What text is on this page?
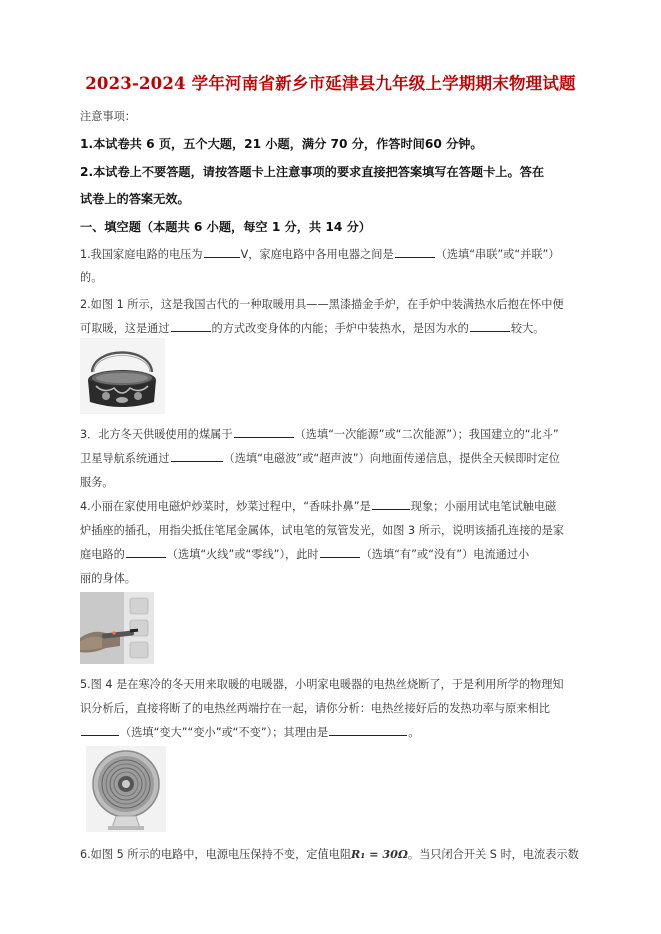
2023-2024 学年河南省新乡市延津县九年级上学期期末物理试题
注意事项：
1.本试卷共 6 页，五个大题，21 小题，满分 70 分，作答时间60 分钟。
2.本试卷上不要答题，请按答题卡上注意事项的要求直接把答案填写在答题卡上。答在
试卷上的答案无效。
一、填空题（本题共 6 小题，每空 1 分，共 14 分）
1.我国家庭电路的电压为	V，家庭电路中各用电器之间是	（选填“串联”或“并联”）
的。
2.如图 1 所示，这是我国古代的一种取暖用具——黑漆描金手炉，在手炉中装满热水后抱在怀中便
可取暖，这是通过	的方式改变身体的内能；手炉中装热水，是因为水的	较大。
3．北方冬天供暖使用的煤属于	（选填“一次能源”或“二次能源”）；我国建立的“北斗”
卫星导航系统通过	（选填“电磁波”或“超声波”）向地面传递信息，提供全天候即时定位
服务。
4.小丽在家使用电磁炉炒菜时，炒菜过程中，“香味扑鼻”是	现象；小丽用试电笔试触电磁
炉插座的插孔，用指尖抵住笔尾金属体，试电笔的氖管发光，如图 3 所示，说明该插孔连接的是家
庭电路的	（选填“火线”或“零线”），此时	（选填“有”或“没有”）电流通过小
丽的身体。
5.图 4 是在寒冷的冬天用来取暖的电暖器，小明家电暖器的电热丝烧断了，于是利用所学的物理知
识分析后，直接将断了的电热丝两端拧在一起，请你分析：电热丝接好后的发热功率与原来相比
（选填“变大”“变小”或“不变”）；其理由是	。
6.如图 5 所示的电路中，电源电压保持不变，定值电阻R₁ = 30Ω。当只闭合开关 S 时，电流表示数
